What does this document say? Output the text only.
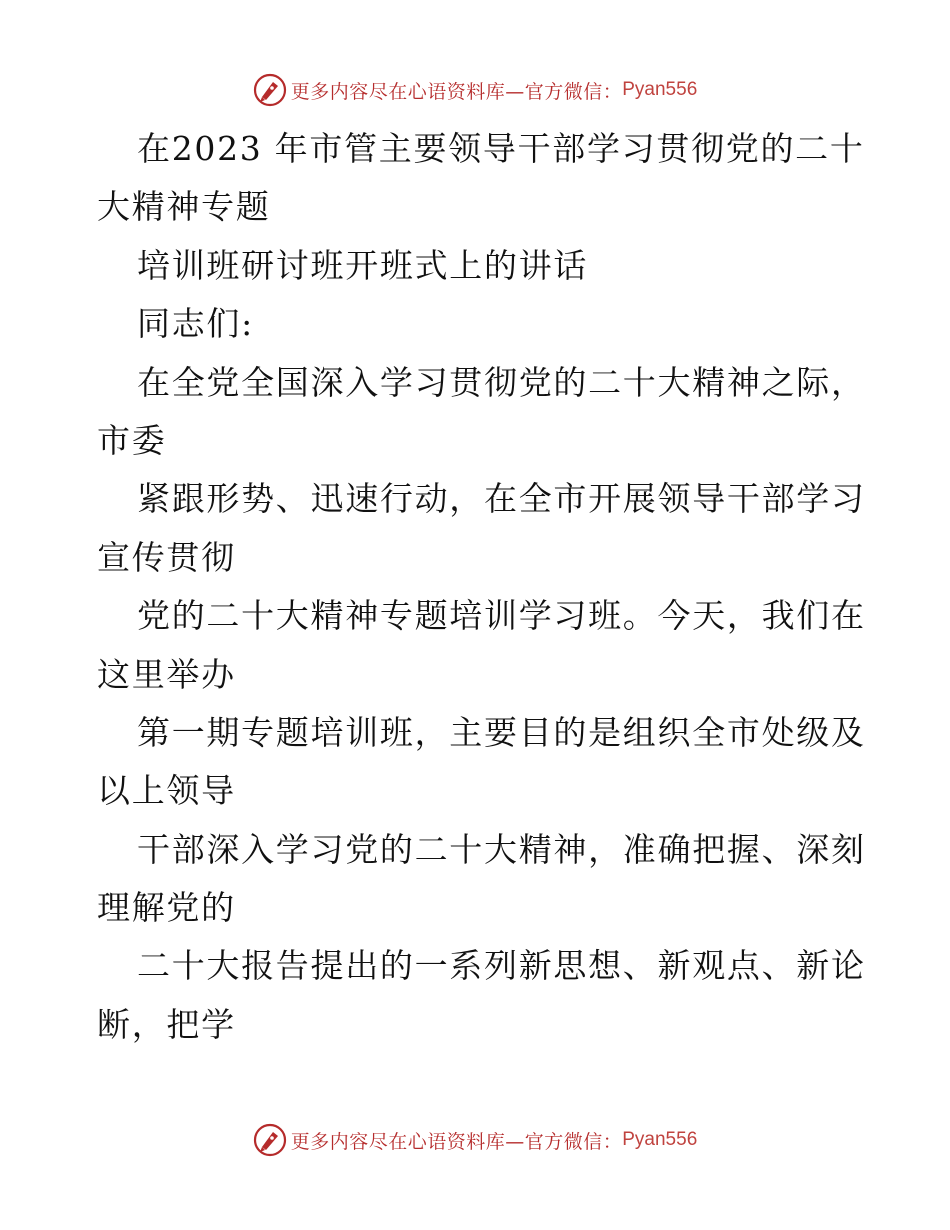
更多内容尽在心语资料库—官方微信： Pyan556
在2023 年市管主要领导干部学习贯彻党的二十
大精神专题
培训班研讨班开班式上的讲话
同志们:
在全党全国深入学习贯彻党的二十大精神之际，
市委
紧跟形势、迅速行动，在全市开展领导干部学习
宣传贯彻
党的二十大精神专题培训学习班。今天，我们在
这里举办
第一期专题培训班，主要目的是组织全市处级及
以上领导
干部深入学习党的二十大精神，准确把握、深刻
理解党的
二十大报告提出的一系列新思想、新观点、新论
断，把学
更多内容尽在心语资料库—官方微信： Pyan556
